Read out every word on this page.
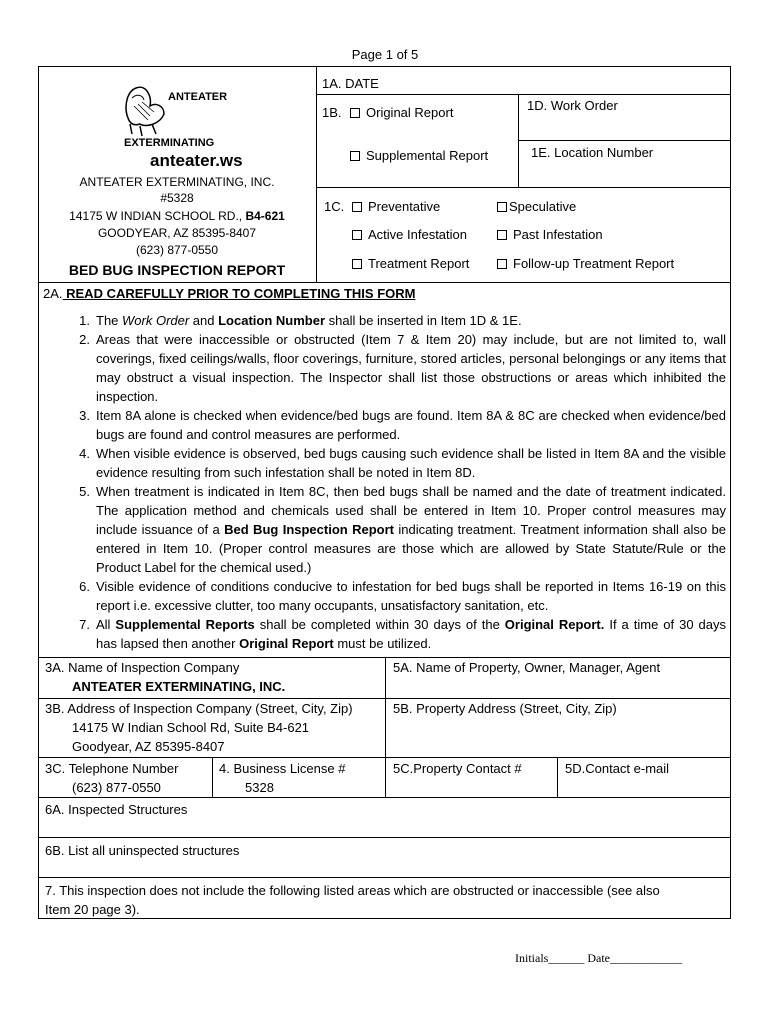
Page 1 of 5
ANTEATER
EXTERMINATING
anteater.ws
ANTEATER EXTERMINATING, INC.
#5328
14175 W INDIAN SCHOOL RD., B4-621
GOODYEAR, AZ 85395-8407
(623) 877-0550
BED BUG INSPECTION REPORT
1A. DATE
1B.	Original Report
Supplemental Report
1D. Work Order
1E. Location Number
1C.	Preventative	Speculative
Active Infestation	Past Infestation
Treatment Report	Follow-up Treatment Report
2A. READ CAREFULLY PRIOR TO COMPLETING THIS FORM
1. The Work Order and Location Number shall be inserted in Item 1D & 1E.
2. Areas that were inaccessible or obstructed (Item 7 & Item 20) may include, but are not limited to, wall coverings, fixed ceilings/walls, floor coverings, furniture, stored articles, personal belongings or any items that may obstruct a visual inspection. The Inspector shall list those obstructions or areas which inhibited the inspection.
3. Item 8A alone is checked when evidence/bed bugs are found. Item 8A & 8C are checked when evidence/bed bugs are found and control measures are performed.
4. When visible evidence is observed, bed bugs causing such evidence shall be listed in Item 8A and the visible evidence resulting from such infestation shall be noted in Item 8D.
5. When treatment is indicated in Item 8C, then bed bugs shall be named and the date of treatment indicated. The application method and chemicals used shall be entered in Item 10. Proper control measures may include issuance of a Bed Bug Inspection Report indicating treatment. Treatment information shall also be entered in Item 10. (Proper control measures are those which are allowed by State Statute/Rule or the Product Label for the chemical used.)
6. Visible evidence of conditions conducive to infestation for bed bugs shall be reported in Items 16-19 on this report i.e. excessive clutter, too many occupants, unsatisfactory sanitation, etc.
7. All Supplemental Reports shall be completed within 30 days of the Original Report. If a time of 30 days has lapsed then another Original Report must be utilized.
3A. Name of Inspection Company
ANTEATER EXTERMINATING, INC.
5A. Name of Property, Owner, Manager, Agent
3B. Address of Inspection Company (Street, City, Zip)
14175 W Indian School Rd, Suite B4-621
Goodyear, AZ 85395-8407
5B. Property Address (Street, City, Zip)
3C. Telephone Number
(623) 877-0550
4. Business License #
5328
5C.Property Contact #	5D.Contact e-mail
6A. Inspected Structures
6B. List all uninspected structures
7. This inspection does not include the following listed areas which are obstructed or inaccessible (see also
Item 20 page 3).
Initials______ Date____________
